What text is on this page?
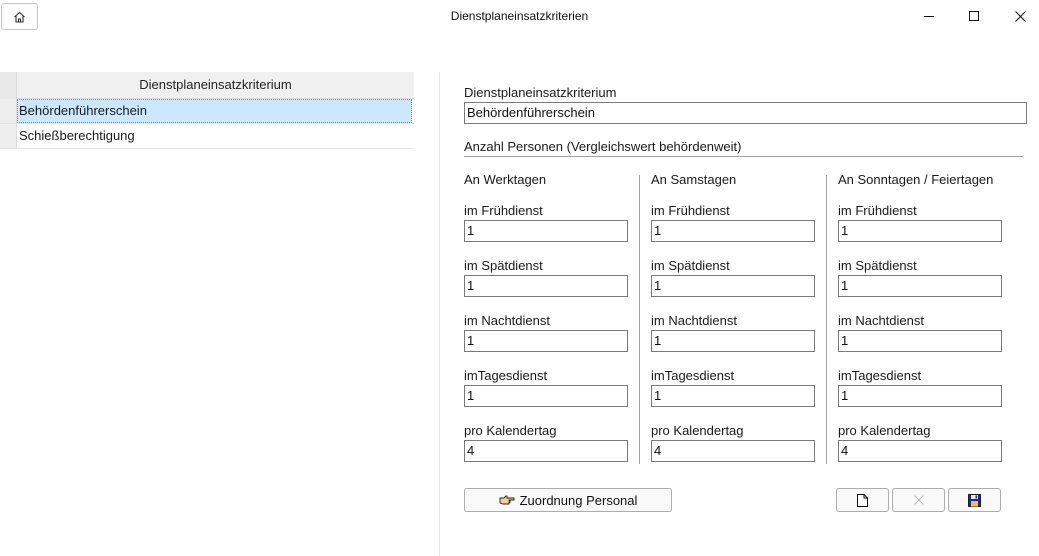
Dienstplaneinsatzkriterien
Dienstplaneinsatzkriterium
Behördenführerschein
Schießberechtigung
Dienstplaneinsatzkriterium
Behördenführerschein
Anzahl Personen (Vergleichswert behördenweit)
An Werktagen
im Frühdienst
1
im Spätdienst
1
im Nachtdienst
1
imTagesdienst
1
pro Kalendertag
4
An Samstagen
im Frühdienst
1
im Spätdienst
1
im Nachtdienst
1
imTagesdienst
1
pro Kalendertag
4
An Sonntagen / Feiertagen
im Frühdienst
1
im Spätdienst
1
im Nachtdienst
1
imTagesdienst
1
pro Kalendertag
4
Zuordnung Personal
